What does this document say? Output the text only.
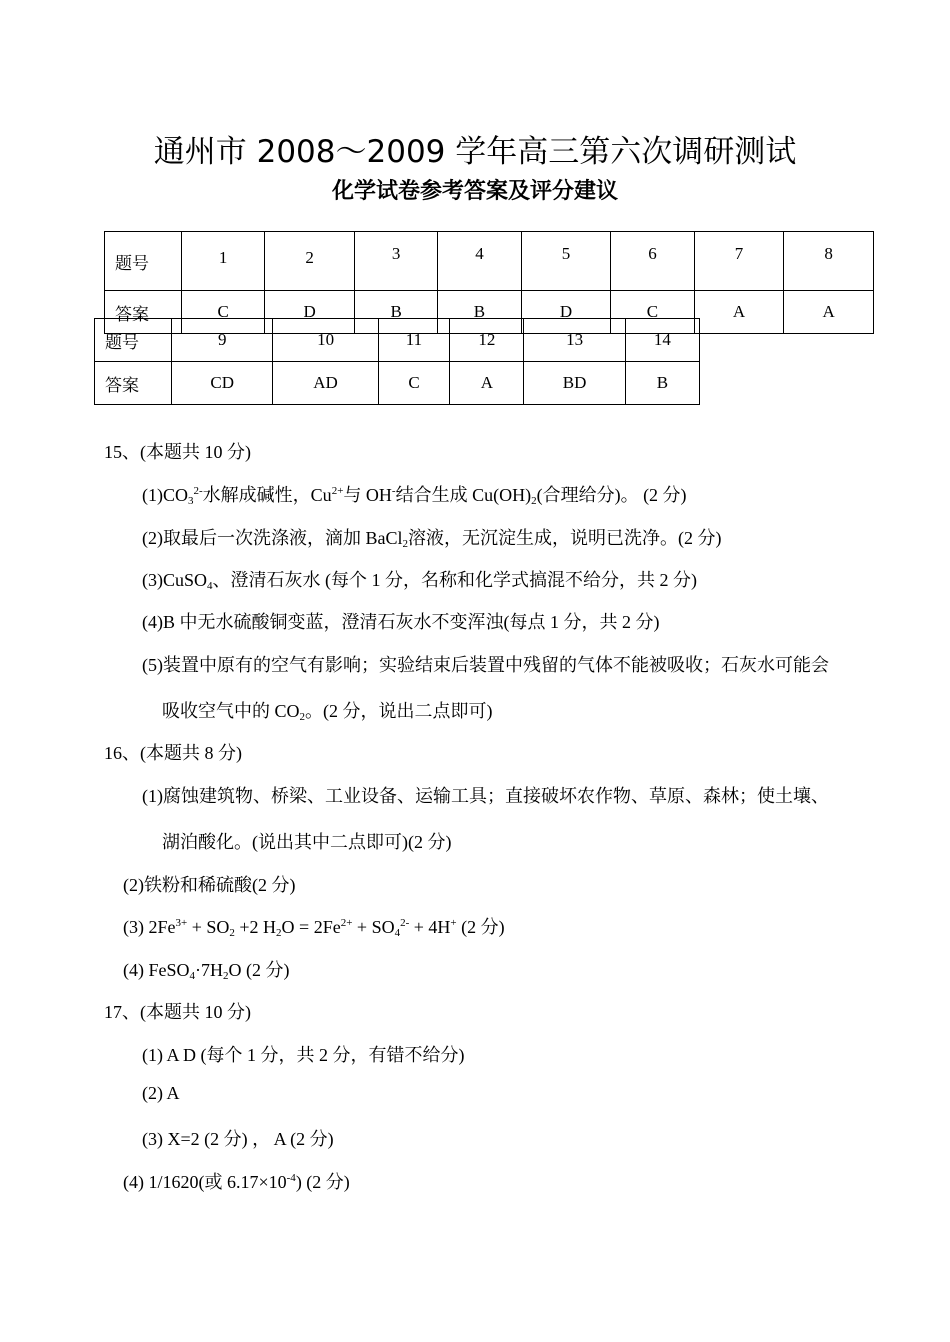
通州市 2008～2009 学年高三第六次调研测试
化学试卷参考答案及评分建议
题号	1	2	3	4	5	6	7	8
答案	C	D	B	B	D	C	A	A
题号	9	10	11	12	13	14
答案	CD	AD	C	A	BD	B
15、(本题共 10 分)
$(1)CO_3^{2-}$水解成碱性，$Cu^{2+}$与 OH-结合生成 $Cu(OH)_2$(合理给分)。 (2 分)
(2)取最后一次洗涤液，滴加 BaCl$_2$溶液，无沉淀生成，说明已洗净。(2 分)
(3)CuSO$_4$、澄清石灰水 (每个 1 分，名称和化学式搞混不给分，共 2 分)
(4)B 中无水硫酸铜变蓝，澄清石灰水不变浑浊(每点 1 分，共 2 分)
(5)装置中原有的空气有影响；实验结束后装置中残留的气体不能被吸收；石灰水可能会
吸收空气中的 $CO_2$。(2 分，说出二点即可)
16、(本题共 8 分)
(1)腐蚀建筑物、桥梁、工业设备、运输工具；直接破坏农作物、草原、森林；使土壤、
湖泊酸化。(说出其中二点即可)(2 分)
(2)铁粉和稀硫酸(2 分)
(3) $2Fe^{3+} + SO_2 +2$ $H_2O = 2Fe^{2+} + SO_4^{2-} + 4H^+$ (2 分)
(4) $FeSO_4\cdot 7H_2O$ (2 分)
17、(本题共 10 分)
(1) A D (每个 1 分，共 2 分，有错不给分)
(2) A
(3) X=2 (2 分) ， A (2 分)
(4) 1/1620(或 $6.17\times 10^{-4}$) (2 分)
